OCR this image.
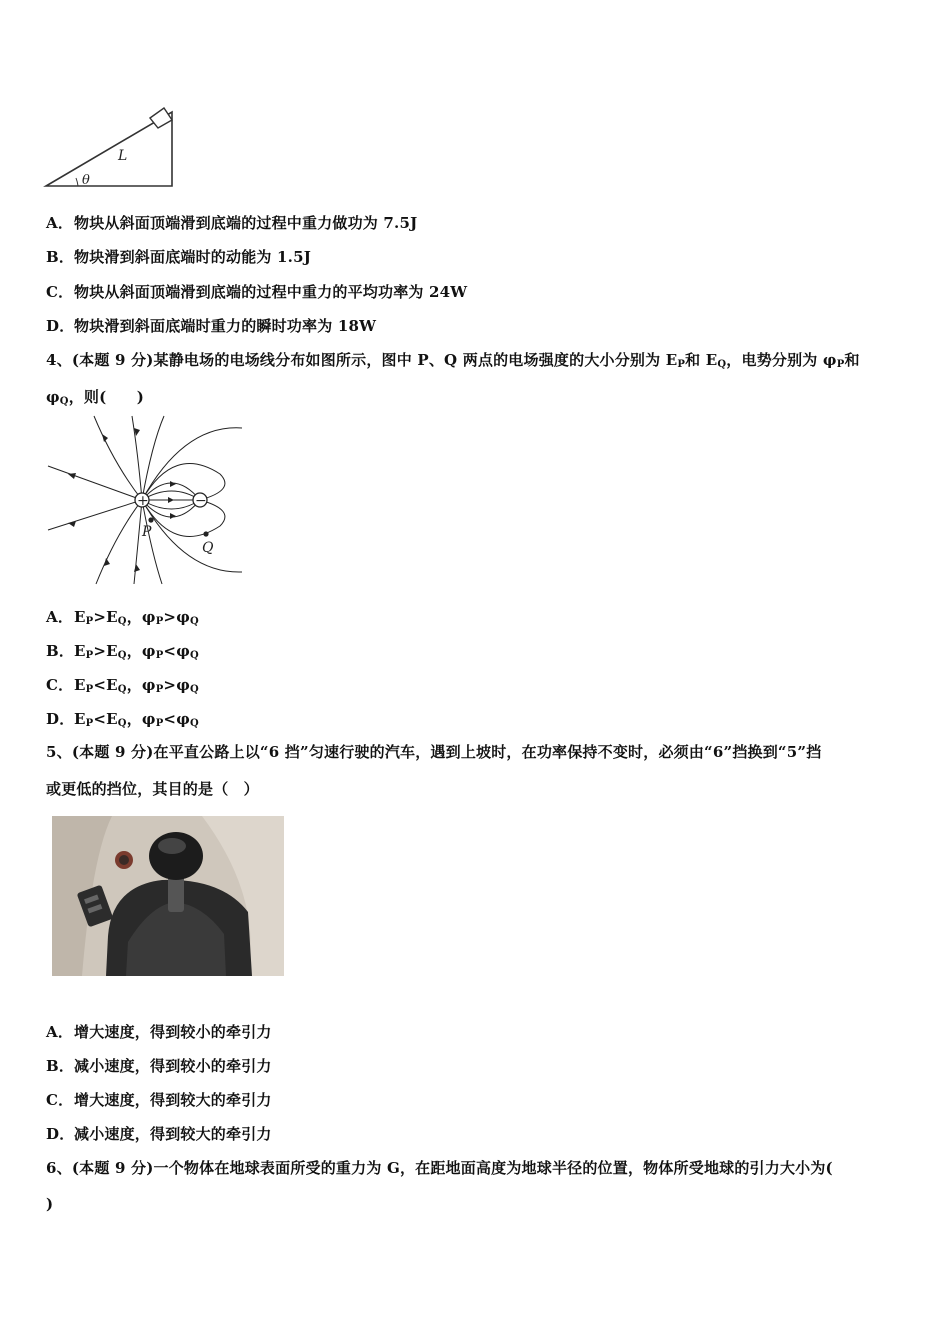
L
θ
A．物块从斜面顶端滑到底端的过程中重力做功为 7.5J
B．物块滑到斜面底端时的动能为 1.5J
C．物块从斜面顶端滑到底端的过程中重力的平均功率为 24W
D．物块滑到斜面底端时重力的瞬时功率为 18W
4、(本题 9 分)某静电场的电场线分布如图所示，图中 P、Q 两点的电场强度的大小分别为 $E_P$和 $E_Q$，电势分别为 $\varphi_P$和
$\varphi_Q$，则(　　)
+	−
P
Q
A．$E_P>E_Q$，$\varphi_P>\varphi_Q$
B．$E_P>E_Q$，$\varphi_P<\varphi_Q$
C．$E_P<E_Q$，$\varphi_P>\varphi_Q$
D．$E_P<E_Q$，$\varphi_P<\varphi_Q$
5、(本题 9 分)在平直公路上以“6 挡”匀速行驶的汽车，遇到上坡时，在功率保持不变时，必须由“6”挡换到“5”挡
或更低的挡位，其目的是（　）
A．增大速度，得到较小的牵引力
B．减小速度，得到较小的牵引力
C．增大速度，得到较大的牵引力
D．减小速度，得到较大的牵引力
6、(本题 9 分)一个物体在地球表面所受的重力为 G，在距地面高度为地球半径的位置，物体所受地球的引力大小为(
)
